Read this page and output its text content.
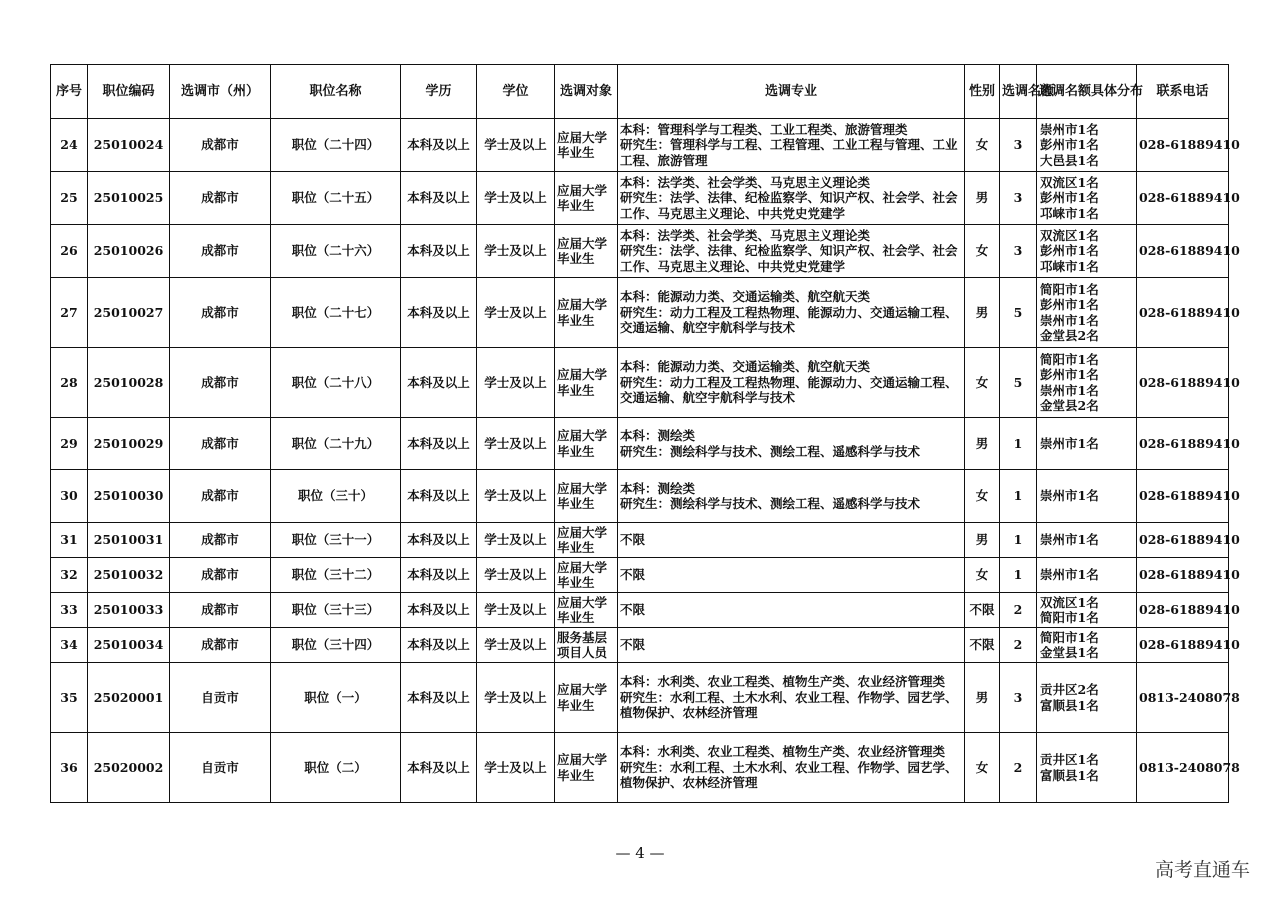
序号	职位编码	选调市（州）	职位名称	学历	学位	选调对象	选调专业	性别	选调名额	选调名额具体分布	联系电话
24	25010024	成都市	职位（二十四）	本科及以上	学士及以上	应届大学毕业生	本科：管理科学与工程类、工业工程类、旅游管理类
研究生：管理科学与工程、工程管理、工业工程与管理、工业工程、旅游管理	女	3	崇州市1名
彭州市1名
大邑县1名	028-61889410
25	25010025	成都市	职位（二十五）	本科及以上	学士及以上	应届大学毕业生	本科：法学类、社会学类、马克思主义理论类
研究生：法学、法律、纪检监察学、知识产权、社会学、社会工作、马克思主义理论、中共党史党建学	男	3	双流区1名
彭州市1名
邛崃市1名	028-61889410
26	25010026	成都市	职位（二十六）	本科及以上	学士及以上	应届大学毕业生	本科：法学类、社会学类、马克思主义理论类
研究生：法学、法律、纪检监察学、知识产权、社会学、社会工作、马克思主义理论、中共党史党建学	女	3	双流区1名
彭州市1名
邛崃市1名	028-61889410
27	25010027	成都市	职位（二十七）	本科及以上	学士及以上	应届大学毕业生	本科：能源动力类、交通运输类、航空航天类
研究生：动力工程及工程热物理、能源动力、交通运输工程、交通运输、航空宇航科学与技术	男	5	简阳市1名
彭州市1名
崇州市1名
金堂县2名	028-61889410
28	25010028	成都市	职位（二十八）	本科及以上	学士及以上	应届大学毕业生	本科：能源动力类、交通运输类、航空航天类
研究生：动力工程及工程热物理、能源动力、交通运输工程、交通运输、航空宇航科学与技术	女	5	简阳市1名
彭州市1名
崇州市1名
金堂县2名	028-61889410
29	25010029	成都市	职位（二十九）	本科及以上	学士及以上	应届大学毕业生	本科：测绘类
研究生：测绘科学与技术、测绘工程、遥感科学与技术	男	1	崇州市1名	028-61889410
30	25010030	成都市	职位（三十）	本科及以上	学士及以上	应届大学毕业生	本科：测绘类
研究生：测绘科学与技术、测绘工程、遥感科学与技术	女	1	崇州市1名	028-61889410
31	25010031	成都市	职位（三十一）	本科及以上	学士及以上	应届大学毕业生	不限	男	1	崇州市1名	028-61889410
32	25010032	成都市	职位（三十二）	本科及以上	学士及以上	应届大学毕业生	不限	女	1	崇州市1名	028-61889410
33	25010033	成都市	职位（三十三）	本科及以上	学士及以上	应届大学毕业生	不限	不限	2	双流区1名
简阳市1名	028-61889410
34	25010034	成都市	职位（三十四）	本科及以上	学士及以上	服务基层项目人员	不限	不限	2	简阳市1名
金堂县1名	028-61889410
35	25020001	自贡市	职位（一）	本科及以上	学士及以上	应届大学毕业生	本科：水利类、农业工程类、植物生产类、农业经济管理类
研究生：水利工程、土木水利、农业工程、作物学、园艺学、植物保护、农林经济管理	男	3	贡井区2名
富顺县1名	0813-2408078
36	25020002	自贡市	职位（二）	本科及以上	学士及以上	应届大学毕业生	本科：水利类、农业工程类、植物生产类、农业经济管理类
研究生：水利工程、土木水利、农业工程、作物学、园艺学、植物保护、农林经济管理	女	2	贡井区1名
富顺县1名	0813-2408078
— 4 —
高考直通车
